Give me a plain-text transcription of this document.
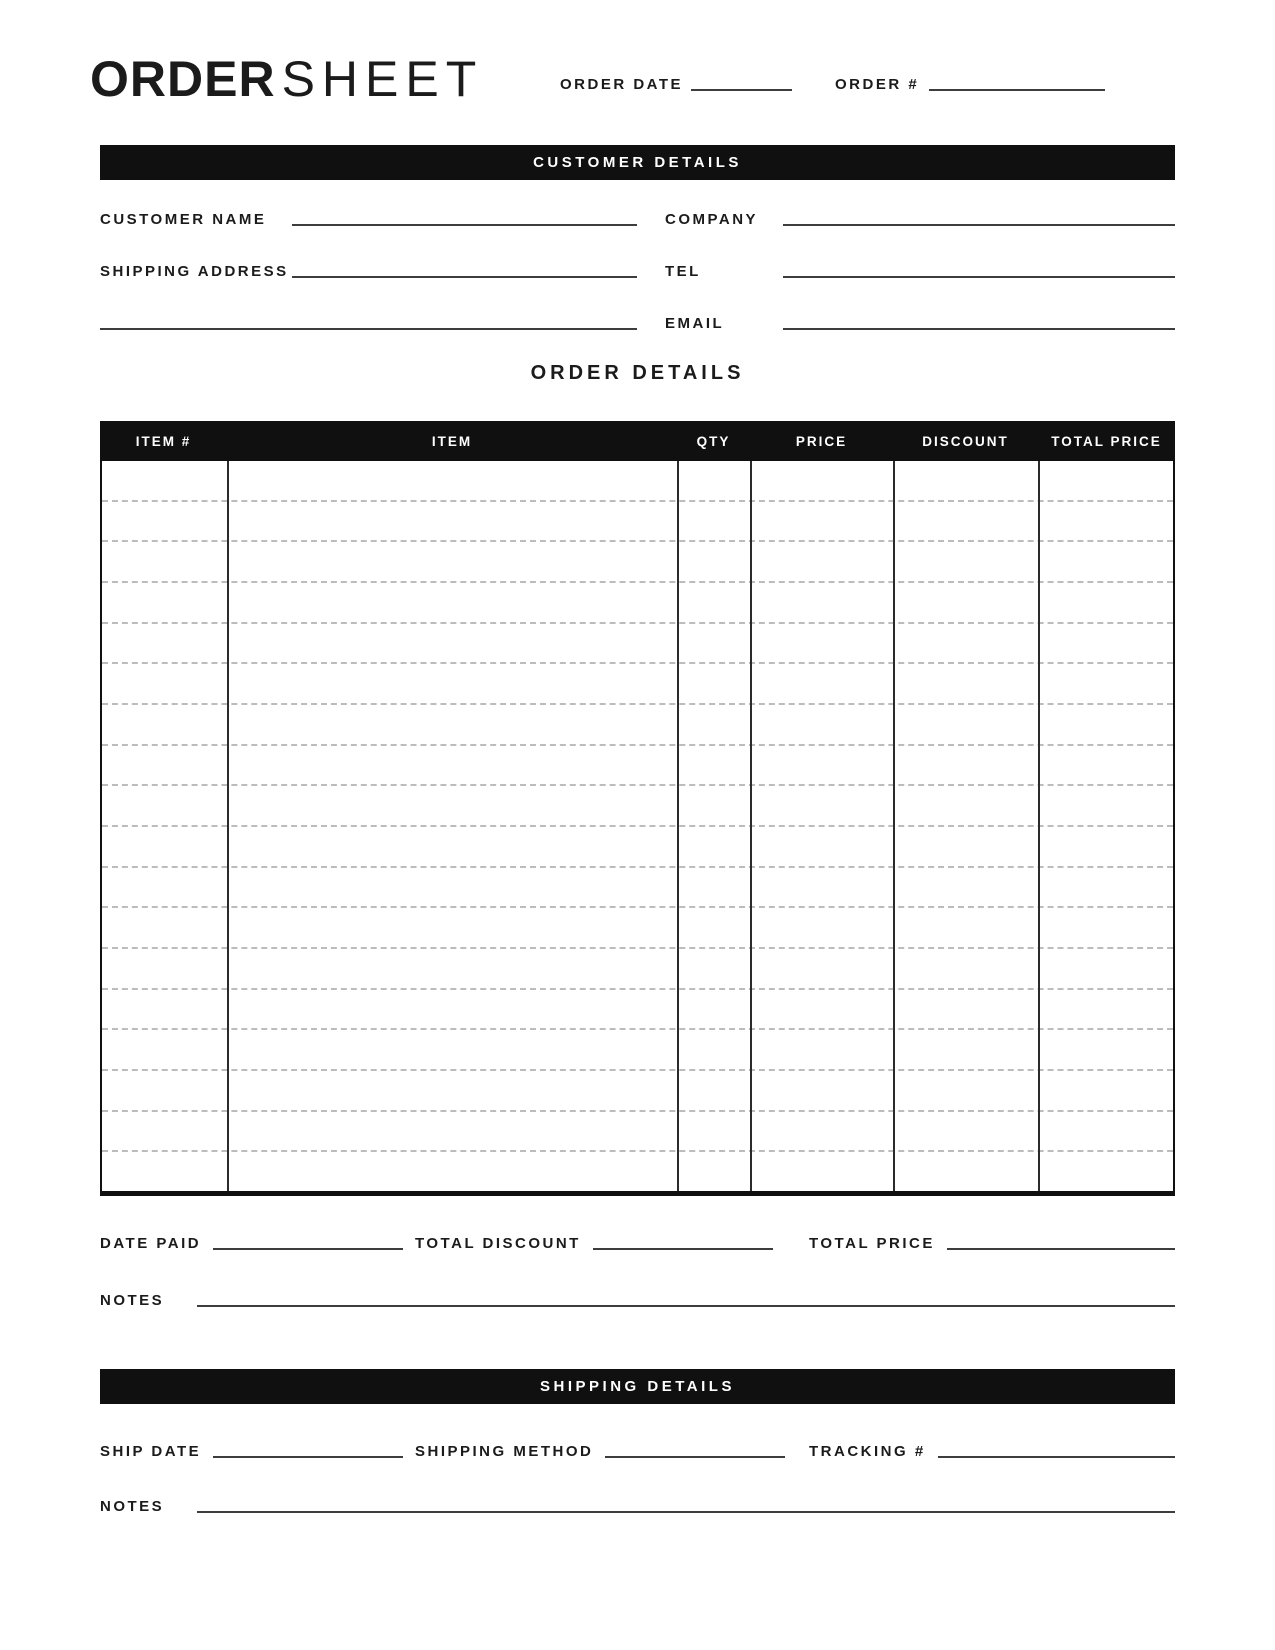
ORDER SHEET	ORDER DATE	ORDER #
CUSTOMER DETAILS
CUSTOMER NAME	COMPANY
SHIPPING ADDRESS	TEL
EMAIL
ORDER DETAILS
ITEM #	ITEM	QTY	PRICE	DISCOUNT	TOTAL PRICE
DATE PAID	TOTAL DISCOUNT	TOTAL PRICE
NOTES
SHIPPING DETAILS
SHIP DATE	SHIPPING METHOD	TRACKING #
NOTES
